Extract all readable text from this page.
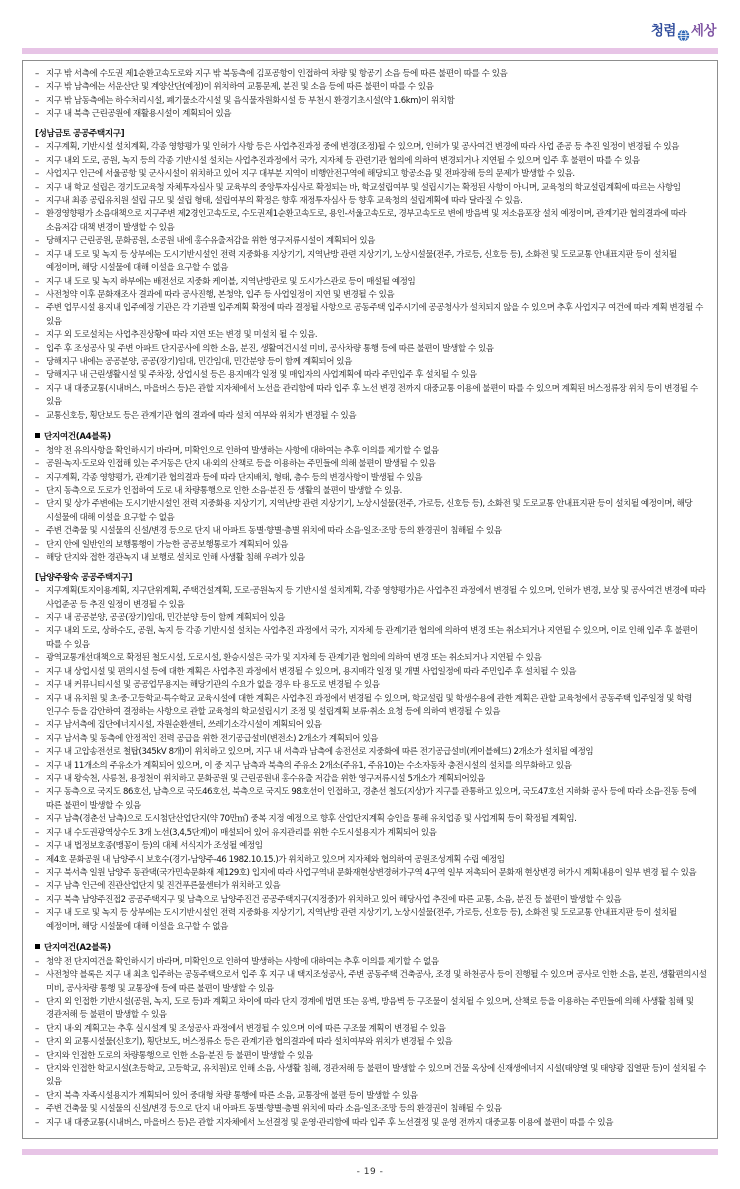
청렴 세상
– 지구 밖 서측에 수도권 제1순환고속도로와 지구 밖 북동측에 김포공항이 인접하여 차량 및 항공기 소음 등에 따른 불편이 따를 수 있음
– 지구 밖 남측에는 서운산단 및 계양산단(예정)이 위치하여 교통문제, 분진 및 소음 등에 따른 불편이 따를 수 있음
– 지구 밖 남동측에는 하수처리시설, 폐기물소각시설 및 음식물자원화시설 등 부천시 환경기초시설(약 1.6km)이 위치함
– 지구 내 북측 근린공원에 재활용시설이 계획되어 있음
[성남금토 공공주택지구]
– 지구계획, 기반시설 설치계획, 각종 영향평가 및 인허가 사항 등은 사업추진과정 중에 변경(조정)될 수 있으며, 인허가 및 공사여건 변경에 따라 사업 준공 등 추진 일정이 변경될 수 있음
– 지구 내외 도로, 공원, 녹지 등의 각종 기반시설 설치는 사업추진과정에서 국가, 지자체 등 관련기관 협의에 의하여 변경되거나 지연될 수 있으며 입주 후 불편이 따를 수 있음
– 사업지구 인근에 서울공항 및 군사시설이 위치하고 있어 지구 대부분 지역이 비행안전구역에 해당되고 항공소음 및 전파장해 등의 문제가 발생할 수 있음.
– 지구 내 학교 설립은 경기도교육청 자체투자심사 및 교육부의 중앙투자심사로 확정되는 바, 학교설립여부 및 설립시기는 확정된 사항이 아니며, 교육청의 학교설립계획에 따르는 사항임
– 지구내 최종 공립유치원 설립 규모 및 설립 형태, 설립여부의 확정은 향후 재정투자심사 등 향후 교육청의 설립계획에 따라 달라질 수 있음.
– 환경영향평가 소음대책으로 지구주변 제2경인고속도로, 수도권제1순환고속도로, 용인-서울고속도로, 경부고속도로 변에 방음벽 및 저소음포장 설치 예정이며, 관계기관 협의결과에 따라 소음저감 대책 변경이 발생할 수 있음
– 당해지구 근린공원, 문화공원, 소공원 내에 홍수유출저감을 위한 영구저류시설이 계획되어 있음
– 지구 내 도로 및 녹지 등 상부에는 도시기반시설인 전력 지중화용 지상기기, 지역난방 관련 지상기기, 노상시설물(전주, 가로등, 신호등 등), 소화전 및 도로교통 안내표지판 등이 설치될 예정이며, 해당 시설물에 대해 이설을 요구할 수 없음
– 지구 내 도로 및 녹지 하부에는 배전선로 지중화 케이블, 지역난방관로 및 도시가스관로 등이 매설될 예정임
– 사전청약 이후 문화재조사 결과에 따라 공사진행, 본청약, 입주 등 사업일정이 지연 및 변경될 수 있음
– 주변 업무시설 용지내 입주예정 기관은 각 기관별 입주계획 확정에 따라 결정될 사항으로 공동주택 입주시기에 공공청사가 설치되지 않을 수 있으며 추후 사업지구 여건에 따라 계획 변경될 수 있음
– 지구 외 도로설치는 사업추진상황에 따라 지연 또는 변경 및 미설치 될 수 있음.
– 입주 후 조성공사 및 주변 아파트 단지공사에 의한 소음, 분진, 생활여건시설 미비, 공사차량 통행 등에 따른 불편이 발생할 수 있음
– 당해지구 내에는 공공분양, 공공(장기)임대, 민간임대, 민간분양 등이 함께 계획되어 있음
– 당해지구 내 근린생활시설 및 주차장, 상업시설 등은 용지매각 일정 및 매입자의 사업계획에 따라 주민입주 후 설치될 수 있음
– 지구 내 대중교통(시내버스, 마을버스 등)은 관할 지자체에서 노선을 관리함에 따라 입주 후 노선 변경 전까지 대중교통 이용에 불편이 따를 수 있으며 계획된 버스정류장 위치 등이 변경될 수 있음
– 교통신호등, 횡단보도 등은 관계기관 협의 결과에 따라 설치 여부와 위치가 변경될 수 있음
단지여건(A4블록)
– 청약 전 유의사항을 확인하시기 바라며, 미확인으로 인하여 발생하는 사항에 대하여는 추후 이의를 제기할 수 없음
– 공원·녹지·도로와 인접해 있는 주거동은 단지 내·외의 산책로 등을 이용하는 주민들에 의해 불편이 발생될 수 있음
– 지구계획, 각종 영향평가, 관계기관 협의결과 등에 따라 단지배치, 형태, 층수 등의 변경사항이 발생될 수 있음
– 단지 동측으로 도로가 인접하여 도로 내 차량통행으로 인한 소음·분진 등 생활의 불편이 발생할 수 있음.
– 단지 및 상가 주변에는 도시기반시설인 전력 지중화용 지상기기, 지역난방 관련 지상기기, 노상시설물(전주, 가로등, 신호등 등), 소화전 및 도로교통 안내표지판 등이 설치될 예정이며, 해당 시설물에 대해 이설을 요구할 수 없음
– 주변 건축물 및 시설물의 신설/변경 등으로 단지 내 아파트 동별·향별·층별 위치에 따라 소음·일조·조망 등의 환경권이 침해될 수 있음
– 단지 안에 일반인의 보행통행이 가능한 공공보행통로가 계획되어 있음
– 해당 단지와 접한 경관녹지 내 보행로 설치로 인해 사생활 침해 우려가 있음
[남양주왕숙 공공주택지구]
– 지구계획(토지이용계획, 지구단위계획, 주택건설계획, 도로·공원녹지 등 기반시설 설치계획, 각종 영향평가)은 사업추진 과정에서 변경될 수 있으며, 인허가 변경, 보상 및 공사여건 변경에 따라 사업준공 등 추진 일정이 변경될 수 있음
– 지구 내 공공분양, 공공(장기)임대, 민간분양 등이 함께 계획되어 있음
– 지구 내외 도로, 상하수도, 공원, 녹지 등 각종 기반시설 설치는 사업추진 과정에서 국가, 지자체 등 관계기관 협의에 의하여 변경 또는 취소되거나 지연될 수 있으며, 이로 인해 입주 후 불편이 따를 수 있음
– 광역교통개선대책으로 확정된 철도시설, 도로시설, 환승시설은 국가 및 지자체 등 관계기관 협의에 의하여 변경 또는 취소되거나 지연될 수 있음
– 지구 내 상업시설 및 편의시설 등에 대한 계획은 사업추진 과정에서 변경될 수 있으며, 용지매각 일정 및 개별 사업일정에 따라 주민입주 후 설치될 수 있음
– 지구 내 커뮤니티시설 및 공공업무용지는 해당기관의 수요가 없을 경우 타 용도로 변경될 수 있음
– 지구 내 유치원 및 초·중·고등학교·특수학교 교육시설에 대한 계획은 사업추진 과정에서 변경될 수 있으며, 학교설립 및 학생수용에 관한 계획은 관할 교육청에서 공동주택 입주일정 및 학령 인구수 등을 감안하여 결정하는 사항으로 관할 교육청의 학교설립시기 조정 및 설립계획 보류·취소 요청 등에 의하여 변경될 수 있음
– 지구 남서측에 집단에너지시설, 자원순환센터, 쓰레기소각시설이 계획되어 있음
– 지구 남서측 및 동측에 안정적인 전력 공급을 위한 전기공급설비(변전소) 2개소가 계획되어 있음
– 지구 내 고압송전선로 철탑(345kV 8개)이 위치하고 있으며, 지구 내 서측과 남측에 송전선로 지중화에 따른 전기공급설비(케이블헤드) 2개소가 설치될 예정임
– 지구 내 11개소의 주유소가 계획되어 있으며, 이 중 지구 남측과 북측의 주유소 2개소(주유1, 주유10)는 수소자동차 충전시설의 설치를 의무화하고 있음
– 지구 내 왕숙천, 사릉천, 용정천이 위치하고 문화공원 및 근린공원내 홍수유출 저감을 위한 영구저류시설 5개소가 계획되어있음
– 지구 동측으로 국지도 86호선, 남측으로 국도46호선, 북측으로 국지도 98호선이 인접하고, 경춘선 철도(지상)가 지구를 관통하고 있으며, 국도47호선 지하화 공사 등에 따라 소음·진동 등에 따른 불편이 발생할 수 있음
– 지구 남측(경춘선 남측)으로 도시첨단산업단지(약 70만㎡) 중복 지정 예정으로 향후 산업단지계획 승인을 통해 유치업종 및 사업계획 등이 확정될 계획임.
– 지구 내 수도권광역상수도 3개 노선(3,4,5단계)이 매설되어 있어 유지관리를 위한 수도시설용지가 계획되어 있음
– 지구 내 법정보호종(맹꽁이 등)의 대체 서식지가 조성될 예정임
– 제4호 문화공원 내 남양주시 보호수(경기-남양주-46 1982.10.15.)가 위치하고 있으며 지자체와 협의하여 공원조성계획 수립 예정임
– 지구 북서측 일원 남양주 동관댁(국가민속문화재 제129호) 입지에 따라 사업구역내 문화재현상변경허가구역 4구역 일부 저촉되어 문화재 현상변경 허가시 계획내용이 일부 변경 될 수 있음
– 지구 남측 인근에 진관산업단지 및 진건푸른물센터가 위치하고 있음
– 지구 북측 남양주진접2 공공주택지구 및 남측으로 남양주진건 공공주택지구(지정중)가 위치하고 있어 해당사업 추진에 따른 교통, 소음, 분진 등 불편이 발생할 수 있음
– 지구 내 도로 및 녹지 등 상부에는 도시기반시설인 전력 지중화용 지상기기, 지역난방 관련 지상기기, 노상시설물(전주, 가로등, 신호등 등), 소화전 및 도로교통 안내표지판 등이 설치될 예정이며, 해당 시설물에 대해 이설을 요구할 수 없음
단지여건(A2블록)
– 청약 전 단지여건을 확인하시기 바라며, 미확인으로 인하여 발생하는 사항에 대하여는 추후 이의를 제기할 수 없음
– 사전청약 블록은 지구 내 최초 입주하는 공동주택으로서 입주 후 지구 내 택지조성공사, 주변 공동주택 건축공사, 조경 및 하천공사 등이 진행될 수 있으며 공사로 인한 소음, 분진, 생활편의시설 미비, 공사차량 통행 및 교통장애 등에 따른 불편이 발생할 수 있음
– 단지 외 인접한 기반시설(공원, 녹지, 도로 등)과 계획고 차이에 따라 단지 경계에 법면 또는 옹벽, 방음벽 등 구조물이 설치될 수 있으며, 산책로 등을 이용하는 주민들에 의해 사생활 침해 및 경관저해 등 불편이 발생할 수 있음
– 단지 내·외 계획고는 추후 실시설계 및 조성공사 과정에서 변경될 수 있으며 이에 따른 구조물 계획이 변경될 수 있음
– 단지 외 교통시설물(신호기), 횡단보도, 버스정류소 등은 관계기관 협의결과에 따라 설치여부와 위치가 변경될 수 있음
– 단지와 인접한 도로의 차량통행으로 인한 소음·분진 등 불편이 발생할 수 있음
– 단지와 인접한 학교시설(초등학교, 고등학교, 유치원)로 인해 소음, 사생활 침해, 경관저해 등 불편이 발생할 수 있으며 건물 옥상에 신재생에너지 시설(태양열 및 태양광 집열판 등)이 설치될 수 있음
– 단지 북측 자족시설용지가 계획되어 있어 중대형 차량 통행에 따른 소음, 교통장애 불편 등이 발생할 수 있음
– 주변 건축물 및 시설물의 신설/변경 등으로 단지 내 아파트 동별·향별·층별 위치에 따라 소음·일조·조망 등의 환경권이 침해될 수 있음
– 지구 내 대중교통(시내버스, 마을버스 등)은 관할 지자체에서 노선결정 및 운영·관리함에 따라 입주 후 노선결정 및 운영 전까지 대중교통 이용에 불편이 따를 수 있음
- 19 -
